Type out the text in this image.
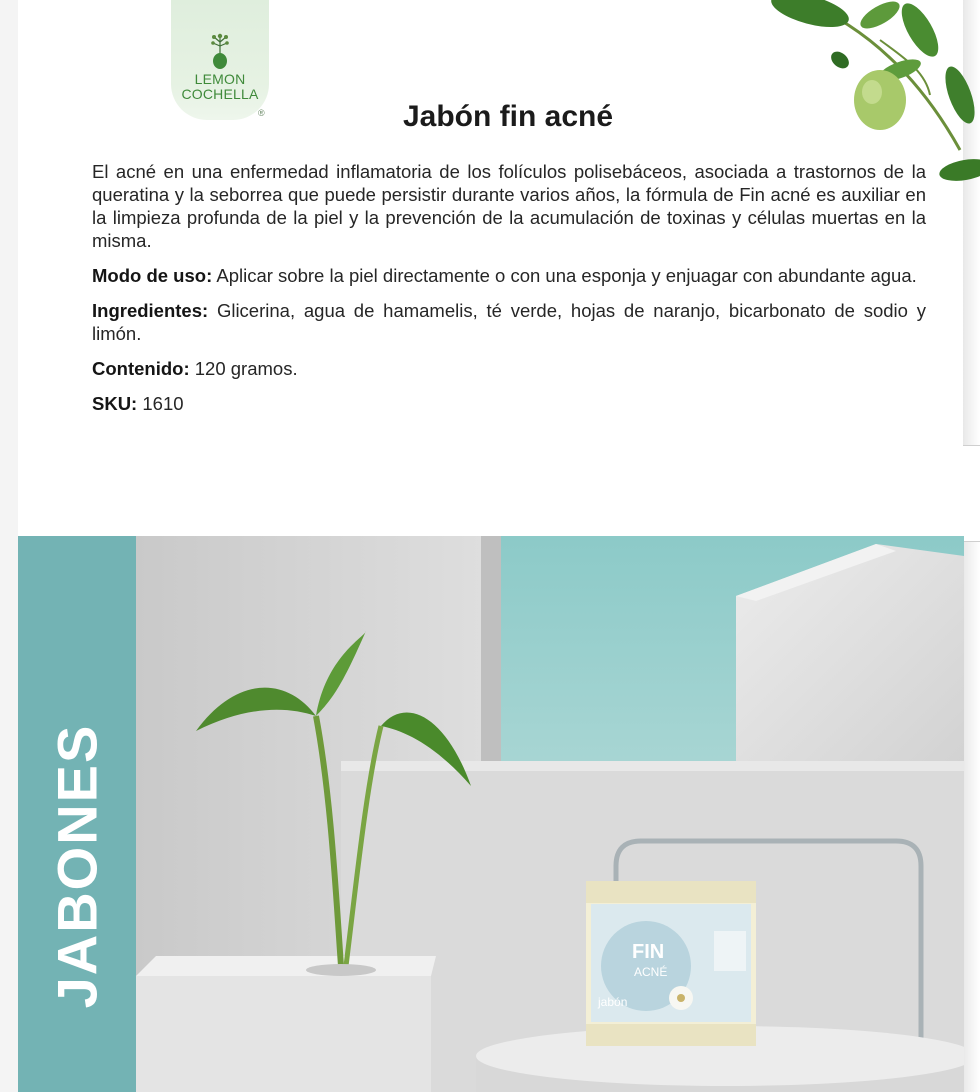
LEMON
COCHELLA
®	Jabón fin acné

El acné en una enfermedad inflamatoria de los folículos polisebáceos, asociada a trastornos de la queratina y la seborrea que puede persistir durante varios años, la fórmula de Fin acné es auxiliar en la limpieza profunda de la piel y la prevención de la acumulación de toxinas y células muertas en la misma.

Modo de uso: Aplicar sobre la piel directamente o con una esponja y enjuagar con abundante agua.

Ingredientes: Glicerina, agua de hamamelis, té verde, hojas de naranjo, bicarbonato de sodio y limón.

Contenido: 120 gramos.

SKU: 1610

JABONES	FIN
ACNÉ
jabón
